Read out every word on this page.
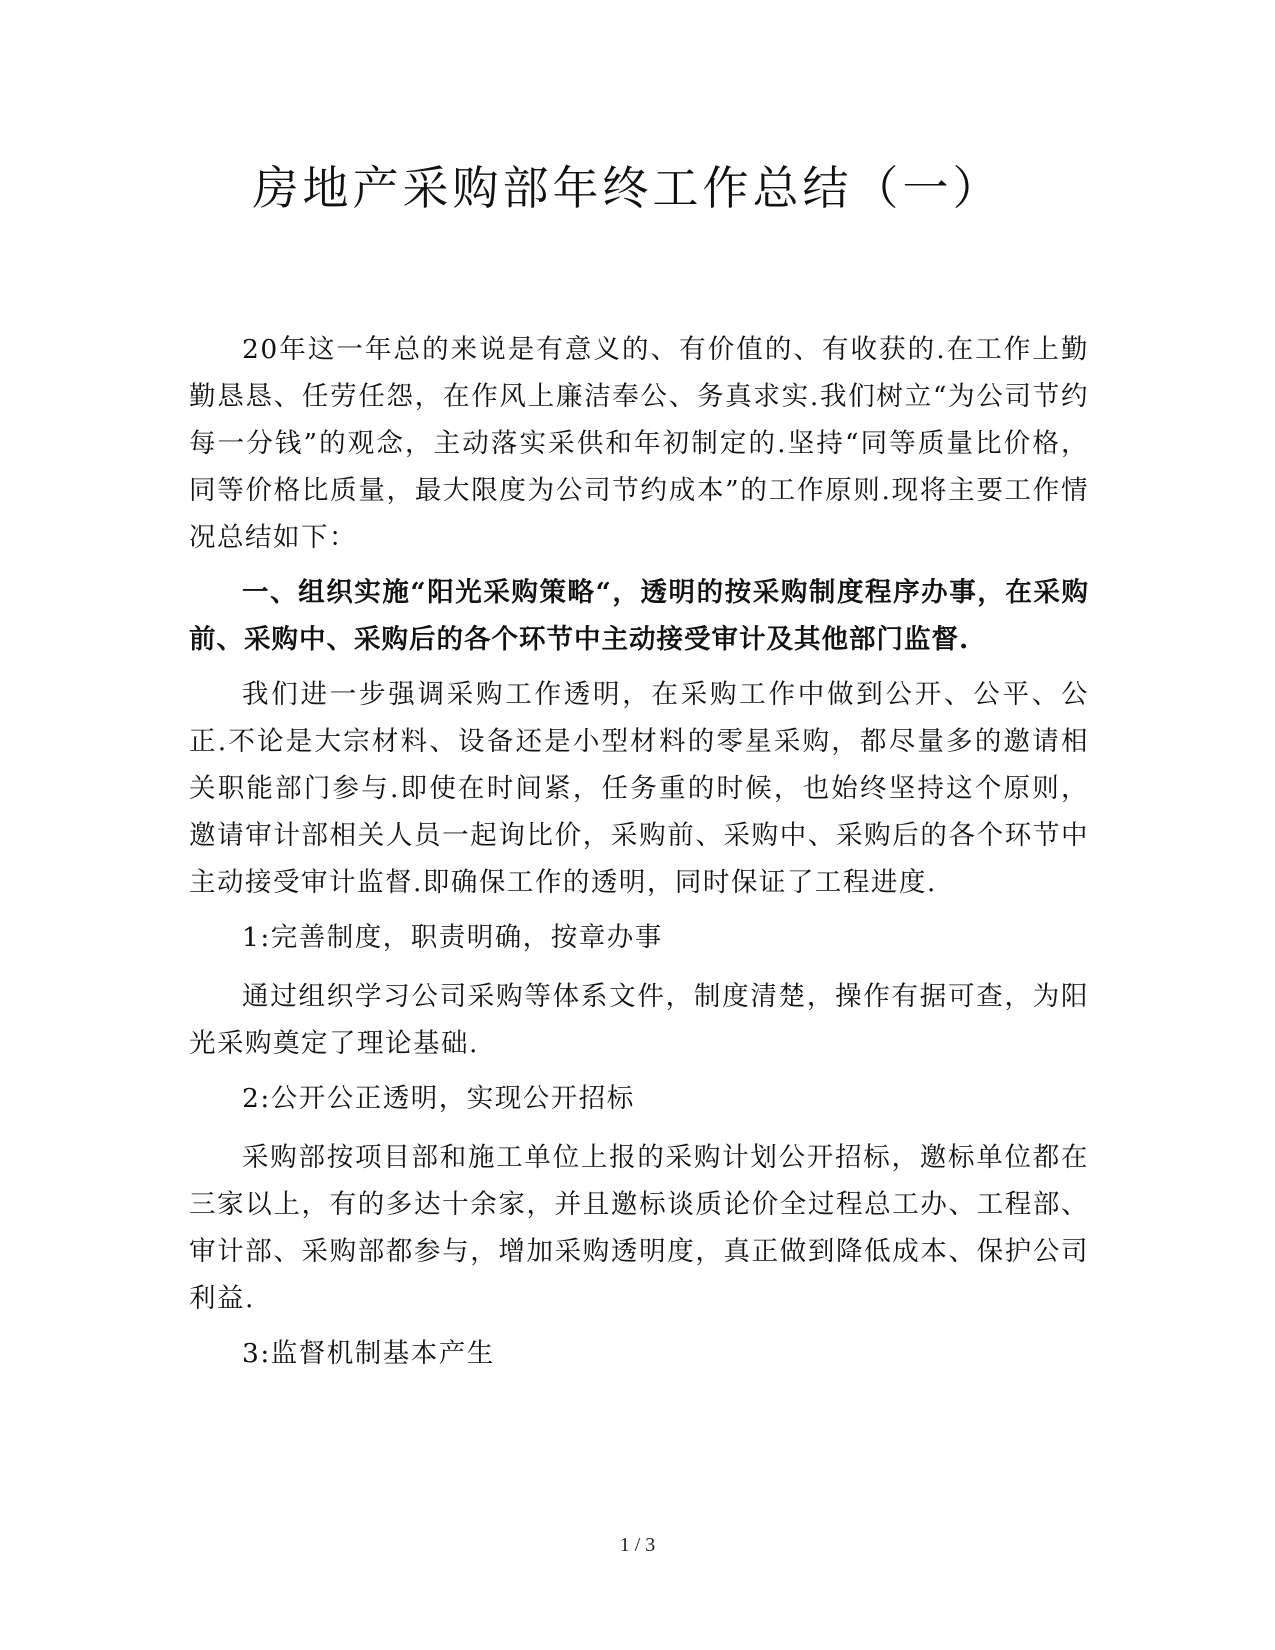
房地产采购部年终工作总结（一）

20年这一年总的来说是有意义的、有价值的、有收获的.在工作上勤勤恳恳、任劳任怨，在作风上廉洁奉公、务真求实.我们树立“为公司节约每一分钱”的观念，主动落实采供和年初制定的.坚持“同等质量比价格，同等价格比质量，最大限度为公司节约成本”的工作原则.现将主要工作情况总结如下：

一、组织实施“阳光采购策略“，透明的按采购制度程序办事，在采购前、采购中、采购后的各个环节中主动接受审计及其他部门监督.

我们进一步强调采购工作透明，在采购工作中做到公开、公平、公正.不论是大宗材料、设备还是小型材料的零星采购，都尽量多的邀请相关职能部门参与.即使在时间紧，任务重的时候，也始终坚持这个原则，邀请审计部相关人员一起询比价，采购前、采购中、采购后的各个环节中主动接受审计监督.即确保工作的透明，同时保证了工程进度.

1:完善制度，职责明确，按章办事

通过组织学习公司采购等体系文件，制度清楚，操作有据可查，为阳光采购奠定了理论基础.

2:公开公正透明，实现公开招标

采购部按项目部和施工单位上报的采购计划公开招标，邀标单位都在三家以上，有的多达十余家，并且邀标谈质论价全过程总工办、工程部、审计部、采购部都参与，增加采购透明度，真正做到降低成本、保护公司利益.

3:监督机制基本产生

1 / 3
